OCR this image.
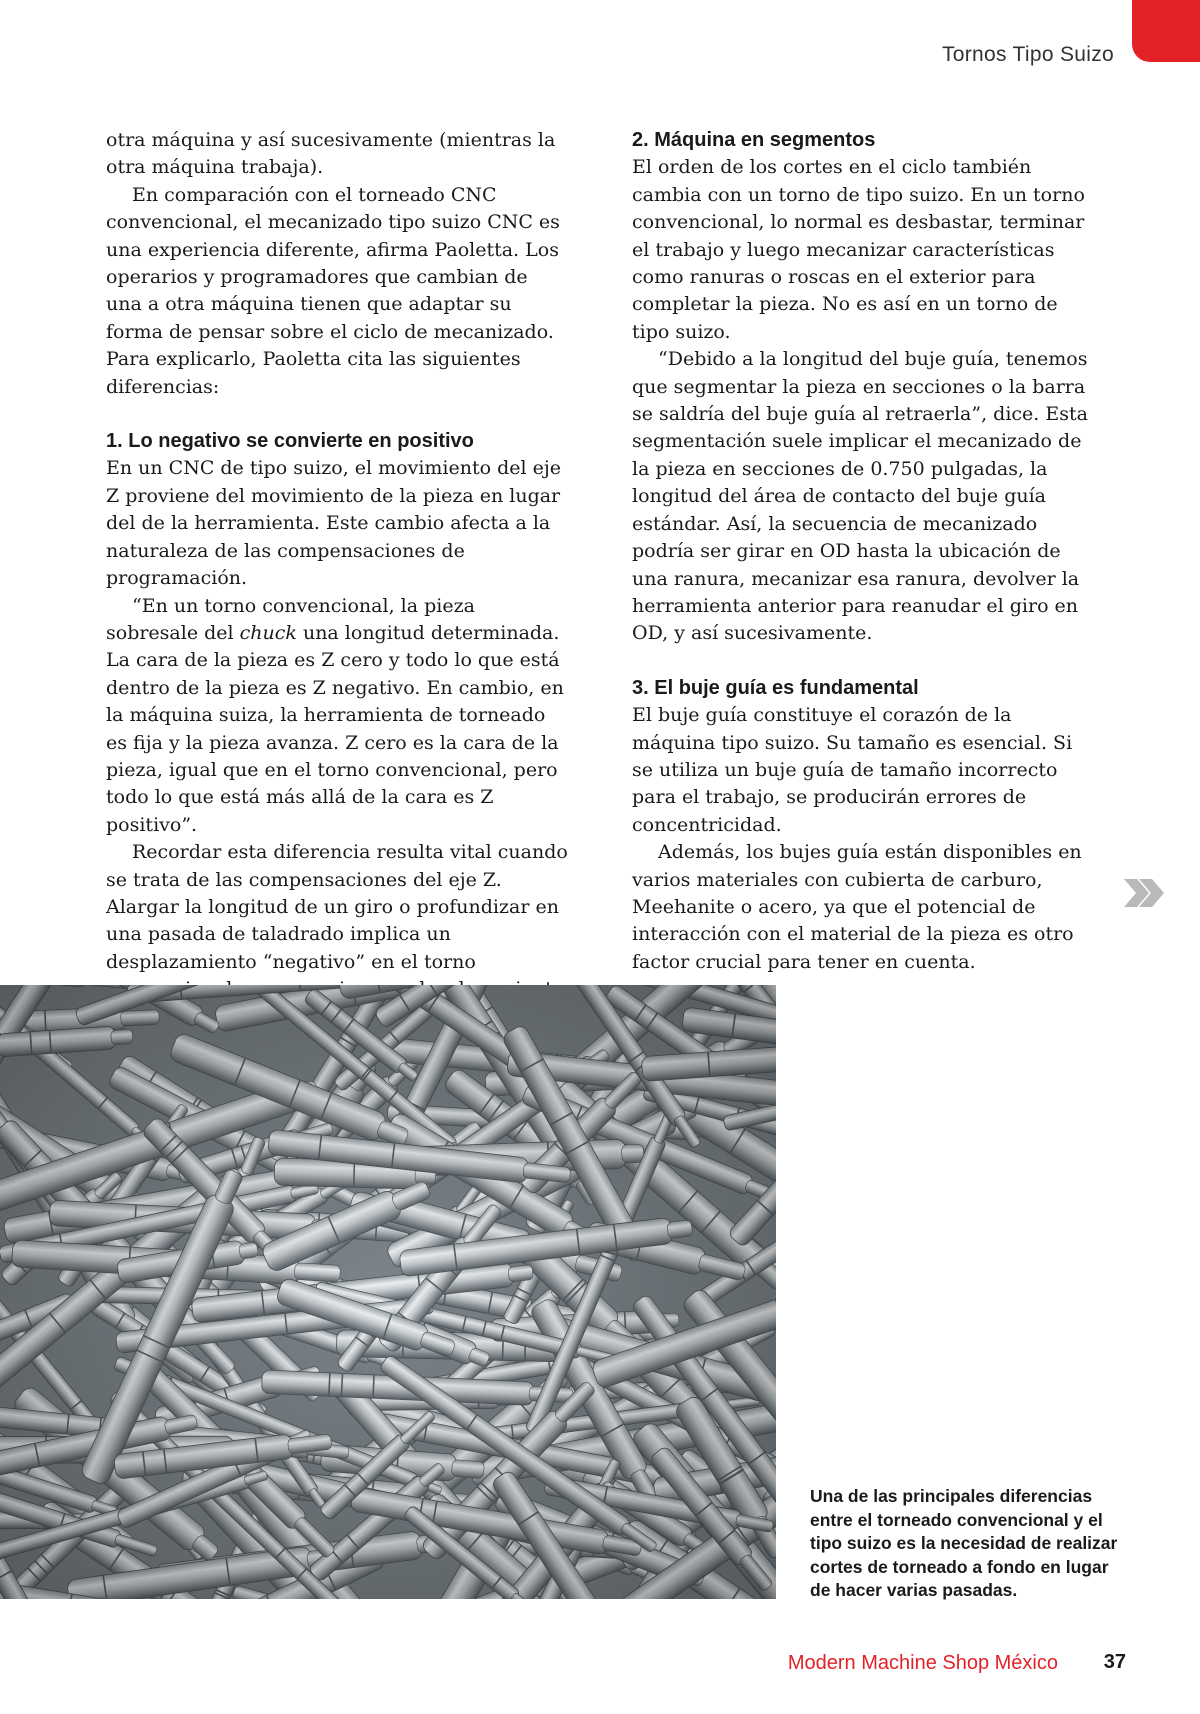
Tornos Tipo Suizo

otra máquina y así sucesivamente (mientras la otra máquina trabaja).

En comparación con el torneado CNC convencional, el mecanizado tipo suizo CNC es una experiencia diferente, afirma Paoletta. Los operarios y programadores que cambian de una a otra máquina tienen que adaptar su forma de pensar sobre el ciclo de mecanizado. Para explicarlo, Paoletta cita las siguientes diferencias:

1. Lo negativo se convierte en positivo

En un CNC de tipo suizo, el movimiento del eje Z proviene del movimiento de la pieza en lugar del de la herramienta. Este cambio afecta a la naturaleza de las compensaciones de programación.

“En un torno convencional, la pieza sobresale del chuck una longitud determinada. La cara de la pieza es Z cero y todo lo que está dentro de la pieza es Z negativo. En cambio, en la máquina suiza, la herramienta de torneado es fija y la pieza avanza. Z cero es la cara de la pieza, igual que en el torno convencional, pero todo lo que está más allá de la cara es Z positivo”.

Recordar esta diferencia resulta vital cuando se trata de las compensaciones del eje Z. Alargar la longitud de un giro o profundizar en una pasada de taladrado implica un desplazamiento “negativo” en el torno

2. Máquina en segmentos

El orden de los cortes en el ciclo también cambia con un torno de tipo suizo. En un torno convencional, lo normal es desbastar, terminar el trabajo y luego mecanizar características como ranuras o roscas en el exterior para completar la pieza. No es así en un torno de tipo suizo.

“Debido a la longitud del buje guía, tenemos que segmentar la pieza en secciones o la barra se saldría del buje guía al retraerla”, dice. Esta segmentación suele implicar el mecanizado de la pieza en secciones de 0.750 pulgadas, la longitud del área de contacto del buje guía estándar. Así, la secuencia de mecanizado podría ser girar en OD hasta la ubicación de una ranura, mecanizar esa ranura, devolver la herramienta anterior para reanudar el giro en OD, y así sucesivamente.

3. El buje guía es fundamental

El buje guía constituye el corazón de la máquina tipo suizo. Su tamaño es esencial. Si se utiliza un buje guía de tamaño incorrecto para el trabajo, se producirán errores de concentricidad.

Además, los bujes guía están disponibles en varios materiales con cubierta de carburo, Meehanite o acero, ya que el potencial de interacción con el material de la pieza es otro factor crucial para tener en cuenta.

Una de las principales diferencias entre el torneado convencional y el tipo suizo es la necesidad de realizar cortes de torneado a fondo en lugar de hacer varias pasadas.
Modern Machine Shop México 37
